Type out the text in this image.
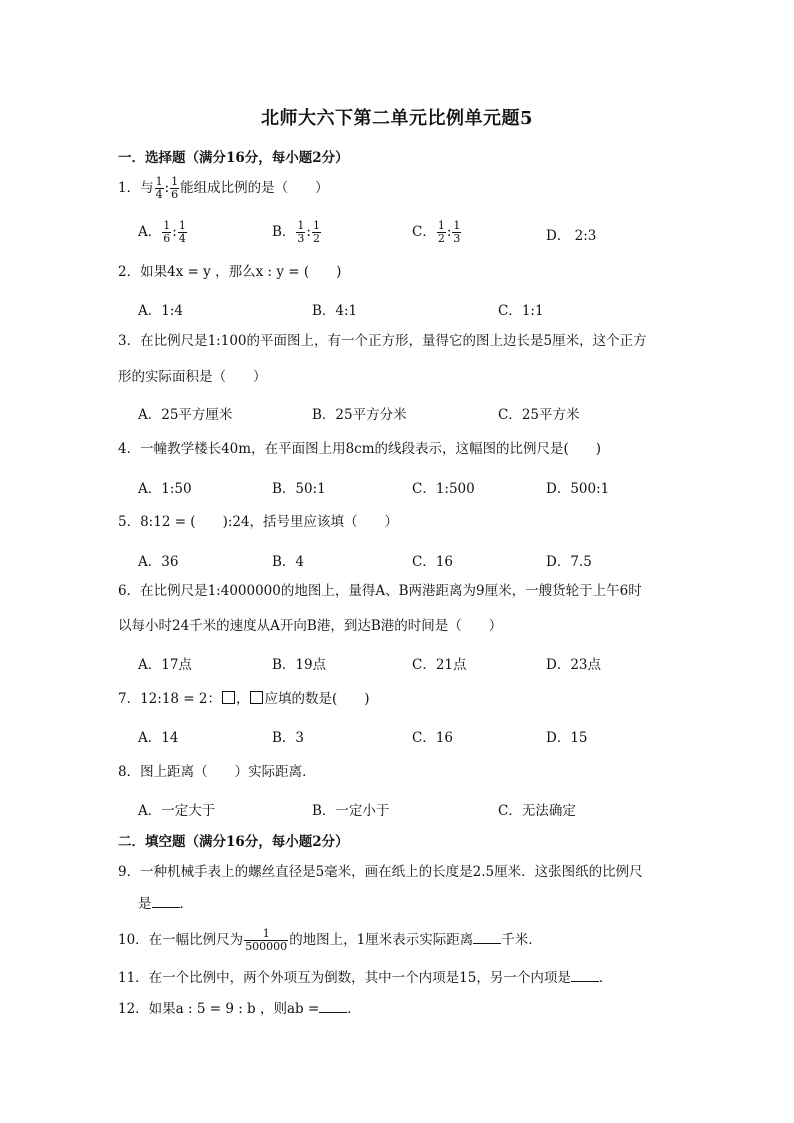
北师大六下第二单元比例单元题5
一．选择题（满分16分，每小题2分）
1．与 $\frac{1}{4}$ : $\frac{1}{6}$ 能组成比例的是（　　）
A． $\frac{1}{6}$ : $\frac{1}{4}$	B． $\frac{1}{3}$ : $\frac{1}{2}$	C． $\frac{1}{2}$ : $\frac{1}{3}$	D． 2:3
2．如果4x = y ，那么x : y = (　　)
A．1:4	B．4:1	C．1:1
3．在比例尺是1:100的平面图上，有一个正方形，量得它的图上边长是5厘米，这个正方
形的实际面积是（　　）
A．25平方厘米	B．25平方分米	C．25平方米
4．一幢教学楼长40m，在平面图上用8cm的线段表示，这幅图的比例尺是(　　)
A．1:50	B．50:1	C．1:500	D．500:1
5．8:12 = (　　):24，括号里应该填（　　）
A．36	B．4	C．16	D．7.5
6．在比例尺是1:4000000的地图上，量得A、B两港距离为9厘米，一艘货轮于上午6时
以每小时24千米的速度从A开向B港，到达B港的时间是（　　）
A．17点	B．19点	C．21点	D．23点
7．12:18 = 2： ， 应填的数是(　　)
A．14	B．3	C．16	D．15
8．图上距离（　　）实际距离．
A．一定大于	B．一定小于	C．无法确定
二．填空题（满分16分，每小题2分）
9．一种机械手表上的螺丝直径是5毫米，画在纸上的长度是2.5厘米．这张图纸的比例尺
是 ．
10．在一幅比例尺为 $\frac{1}{500000}$ 的地图上，1厘米表示实际距离 千米．
11．在一个比例中，两个外项互为倒数，其中一个内项是15，另一个内项是 ．
12．如果a : 5 = 9 : b ，则ab = ．
